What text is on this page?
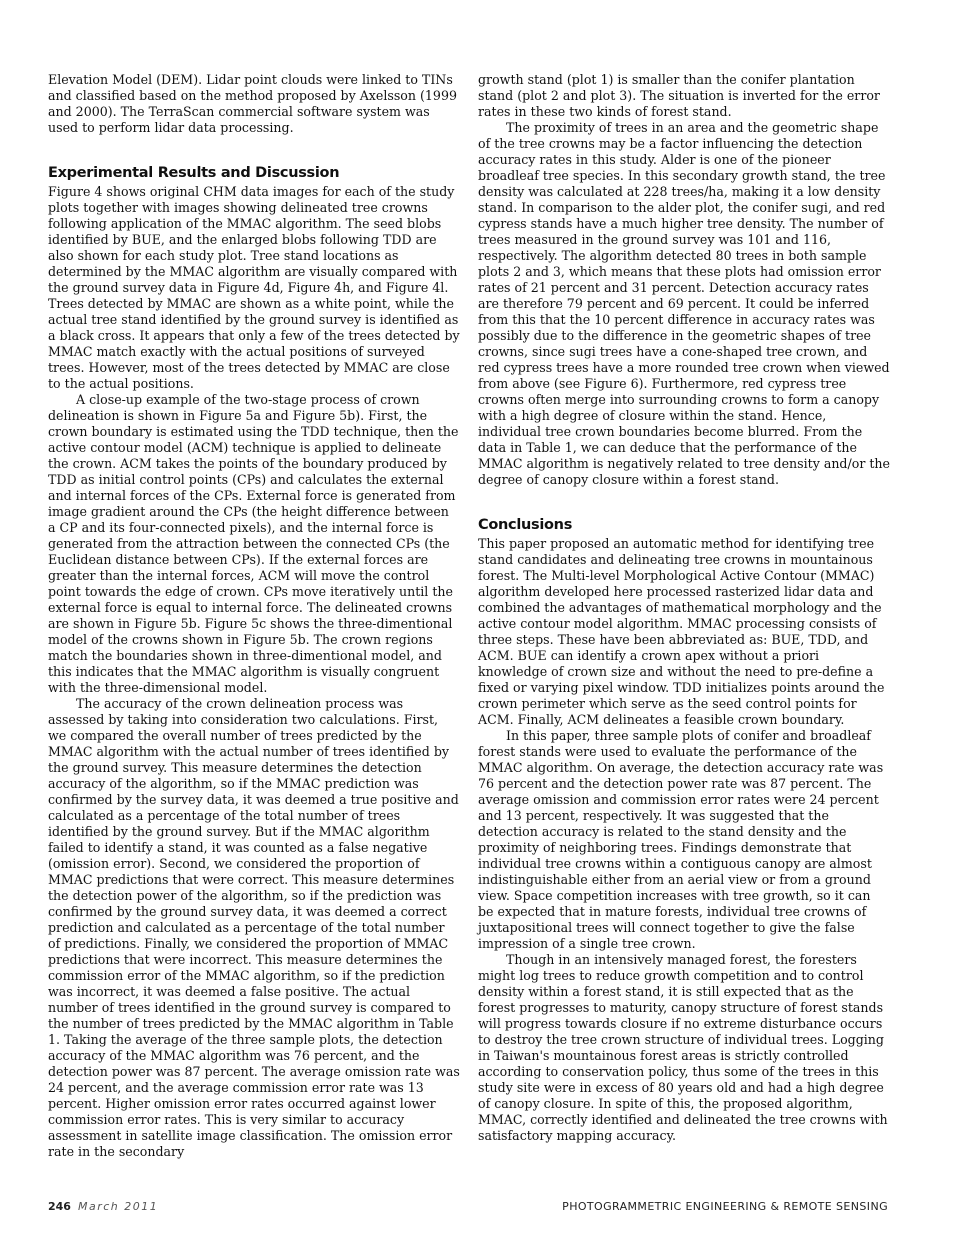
Elevation Model (DEM). Lidar point clouds were linked to TINs and classified based on the method proposed by Axelsson (1999 and 2000). The TerraScan commercial software system was used to perform lidar data processing.

Experimental Results and Discussion

Figure 4 shows original CHM data images for each of the study plots together with images showing delineated tree crowns following application of the MMAC algorithm. The seed blobs identified by BUE, and the enlarged blobs following TDD are also shown for each study plot. Tree stand locations as determined by the MMAC algorithm are visually compared with the ground survey data in Figure 4d, Figure 4h, and Figure 4l. Trees detected by MMAC are shown as a white point, while the actual tree stand identified by the ground survey is identified as a black cross. It appears that only a few of the trees detected by MMAC match exactly with the actual positions of surveyed trees. However, most of the trees detected by MMAC are close to the actual positions.

A close-up example of the two-stage process of crown delineation is shown in Figure 5a and Figure 5b). First, the crown boundary is estimated using the TDD technique, then the active contour model (ACM) technique is applied to delineate the crown. ACM takes the points of the boundary produced by TDD as initial control points (CPs) and calculates the external and internal forces of the CPs. External force is generated from image gradient around the CPs (the height difference between a CP and its four-connected pixels), and the internal force is generated from the attraction between the connected CPs (the Euclidean distance between CPs). If the external forces are greater than the internal forces, ACM will move the control point towards the edge of crown. CPs move iteratively until the external force is equal to internal force. The delineated crowns are shown in Figure 5b. Figure 5c shows the three-dimentional model of the crowns shown in Figure 5b. The crown regions match the boundaries shown in three-dimentional model, and this indicates that the MMAC algorithm is visually congruent with the three-dimensional model.

The accuracy of the crown delineation process was assessed by taking into consideration two calculations. First, we compared the overall number of trees predicted by the MMAC algorithm with the actual number of trees identified by the ground survey. This measure determines the detection accuracy of the algorithm, so if the MMAC prediction was confirmed by the survey data, it was deemed a true positive and calculated as a percentage of the total number of trees identified by the ground survey. But if the MMAC algorithm failed to identify a stand, it was counted as a false negative (omission error). Second, we considered the proportion of MMAC predictions that were correct. This measure determines the detection power of the algorithm, so if the prediction was confirmed by the ground survey data, it was deemed a correct prediction and calculated as a percentage of the total number of predictions. Finally, we considered the proportion of MMAC predictions that were incorrect. This measure determines the commission error of the MMAC algorithm, so if the prediction was incorrect, it was deemed a false positive. The actual number of trees identified in the ground survey is compared to the number of trees predicted by the MMAC algorithm in Table 1. Taking the average of the three sample plots, the detection accuracy of the MMAC algorithm was 76 percent, and the detection power was 87 percent. The average omission rate was 24 percent, and the average commission error rate was 13 percent. Higher omission error rates occurred against lower commission error rates. This is very similar to accuracy assessment in satellite image classification. The omission error rate in the secondary

growth stand (plot 1) is smaller than the conifer plantation stand (plot 2 and plot 3). The situation is inverted for the error rates in these two kinds of forest stand.

The proximity of trees in an area and the geometric shape of the tree crowns may be a factor influencing the detection accuracy rates in this study. Alder is one of the pioneer broadleaf tree species. In this secondary growth stand, the tree density was calculated at 228 trees/ha, making it a low density stand. In comparison to the alder plot, the conifer sugi, and red cypress stands have a much higher tree density. The number of trees measured in the ground survey was 101 and 116, respectively. The algorithm detected 80 trees in both sample plots 2 and 3, which means that these plots had omission error rates of 21 percent and 31 percent. Detection accuracy rates are therefore 79 percent and 69 percent. It could be inferred from this that the 10 percent difference in accuracy rates was possibly due to the difference in the geometric shapes of tree crowns, since sugi trees have a cone-shaped tree crown, and red cypress trees have a more rounded tree crown when viewed from above (see Figure 6). Furthermore, red cypress tree crowns often merge into surrounding crowns to form a canopy with a high degree of closure within the stand. Hence, individual tree crown boundaries become blurred. From the data in Table 1, we can deduce that the performance of the MMAC algorithm is negatively related to tree density and/or the degree of canopy closure within a forest stand.

Conclusions

This paper proposed an automatic method for identifying tree stand candidates and delineating tree crowns in mountainous forest. The Multi-level Morphological Active Contour (MMAC) algorithm developed here processed rasterized lidar data and combined the advantages of mathematical morphology and the active contour model algorithm. MMAC processing consists of three steps. These have been abbreviated as: BUE, TDD, and ACM. BUE can identify a crown apex without a priori knowledge of crown size and without the need to pre-define a fixed or varying pixel window. TDD initializes points around the crown perimeter which serve as the seed control points for ACM. Finally, ACM delineates a feasible crown boundary.

In this paper, three sample plots of conifer and broadleaf forest stands were used to evaluate the performance of the MMAC algorithm. On average, the detection accuracy rate was 76 percent and the detection power rate was 87 percent. The average omission and commission error rates were 24 percent and 13 percent, respectively. It was suggested that the detection accuracy is related to the stand density and the proximity of neighboring trees. Findings demonstrate that individual tree crowns within a contiguous canopy are almost indistinguishable either from an aerial view or from a ground view. Space competition increases with tree growth, so it can be expected that in mature forests, individual tree crowns of juxtapositional trees will connect together to give the false impression of a single tree crown.

Though in an intensively managed forest, the foresters might log trees to reduce growth competition and to control density within a forest stand, it is still expected that as the forest progresses to maturity, canopy structure of forest stands will progress towards closure if no extreme disturbance occurs to destroy the tree crown structure of individual trees. Logging in Taiwan's mountainous forest areas is strictly controlled according to conservation policy, thus some of the trees in this study site were in excess of 80 years old and had a high degree of canopy closure. In spite of this, the proposed algorithm, MMAC, correctly identified and delineated the tree crowns with satisfactory mapping accuracy.

246 March 2011	PHOTOGRAMMETRIC ENGINEERING & REMOTE SENSING
